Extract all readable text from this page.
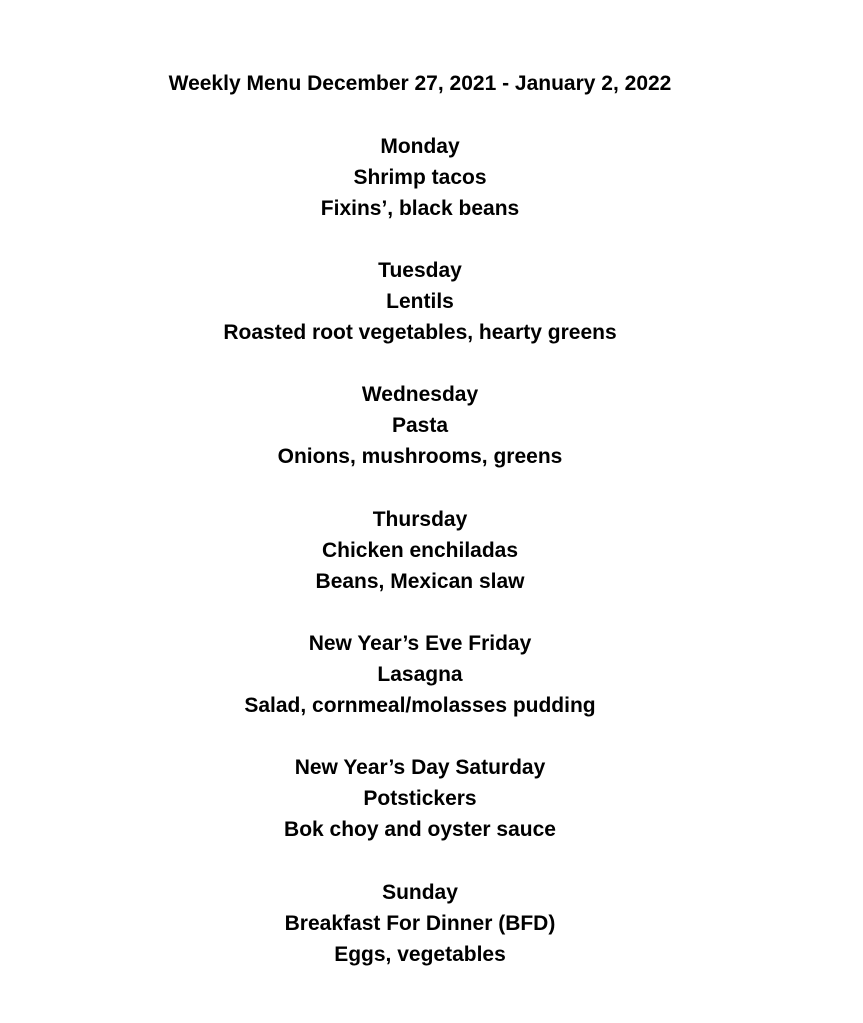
Weekly Menu December 27, 2021 - January 2, 2022
Monday
Shrimp tacos
Fixins’, black beans
Tuesday
Lentils
Roasted root vegetables, hearty greens
Wednesday
Pasta
Onions, mushrooms, greens
Thursday
Chicken enchiladas
Beans, Mexican slaw
New Year’s Eve Friday
Lasagna
Salad, cornmeal/molasses pudding
New Year’s Day Saturday
Potstickers
Bok choy and oyster sauce
Sunday
Breakfast For Dinner (BFD)
Eggs, vegetables
